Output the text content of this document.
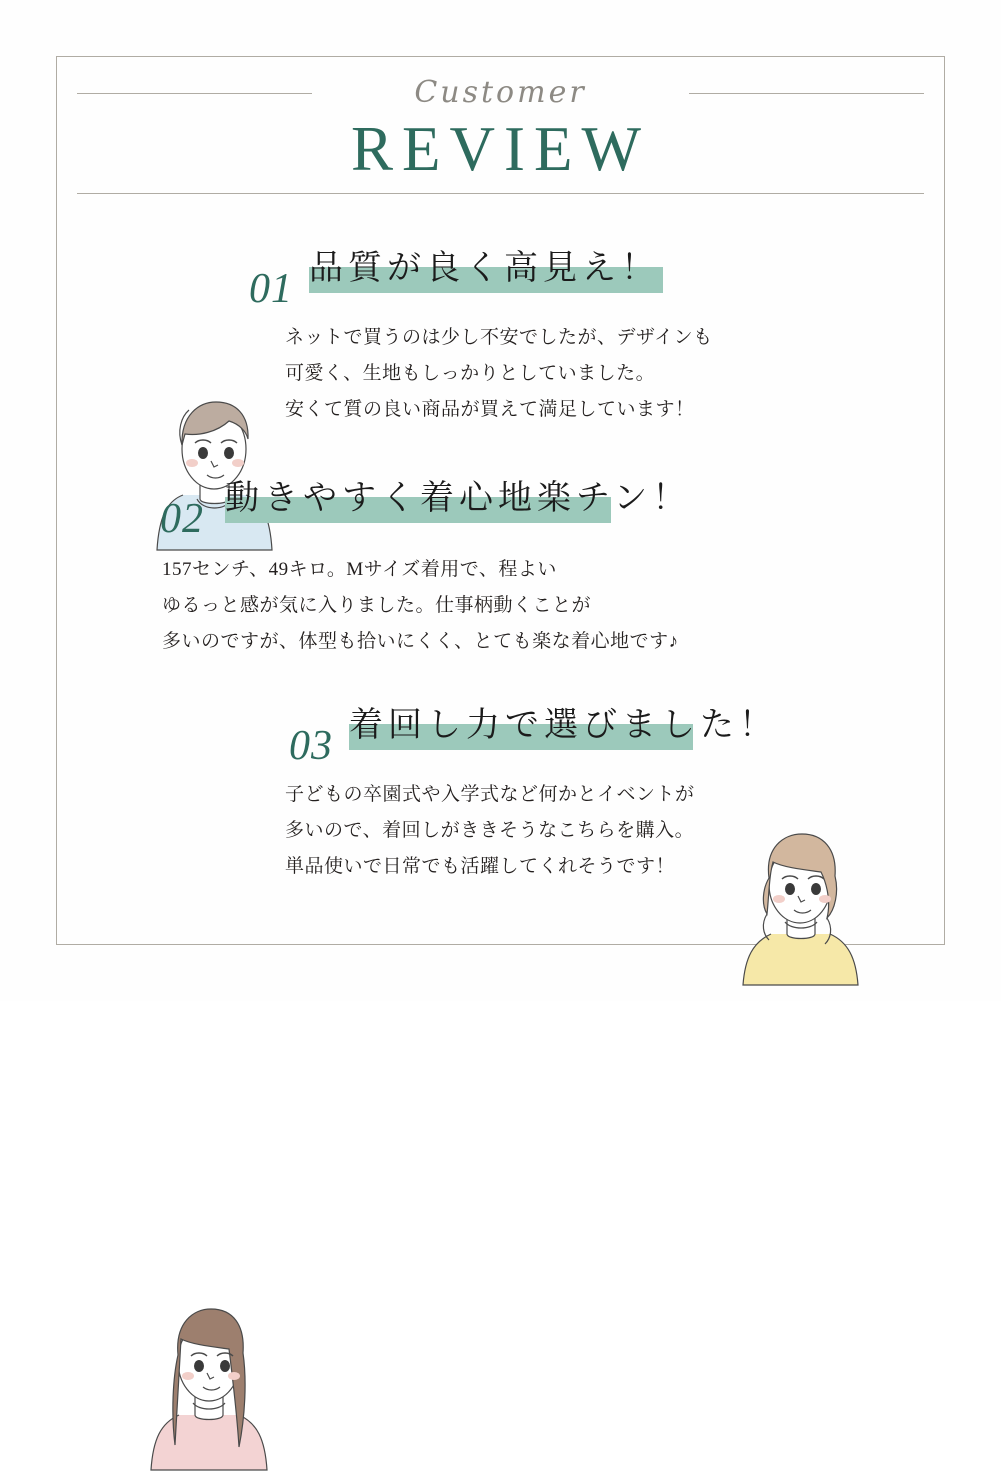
Customer
REVIEW
01 品質が良く高見え！
ネットで買うのは少し不安でしたが、デザインも
可愛く、生地もしっかりとしていました。
安くて質の良い商品が買えて満足しています！
02 動きやすく着心地楽チン！
157センチ、49キロ。Mサイズ着用で、程よい
ゆるっと感が気に入りました。仕事柄動くことが
多いのですが、体型も拾いにくく、とても楽な着心地です♪
03 着回し力で選びました！
子どもの卒園式や入学式など何かとイベントが
多いので、着回しがききそうなこちらを購入。
単品使いで日常でも活躍してくれそうです！
